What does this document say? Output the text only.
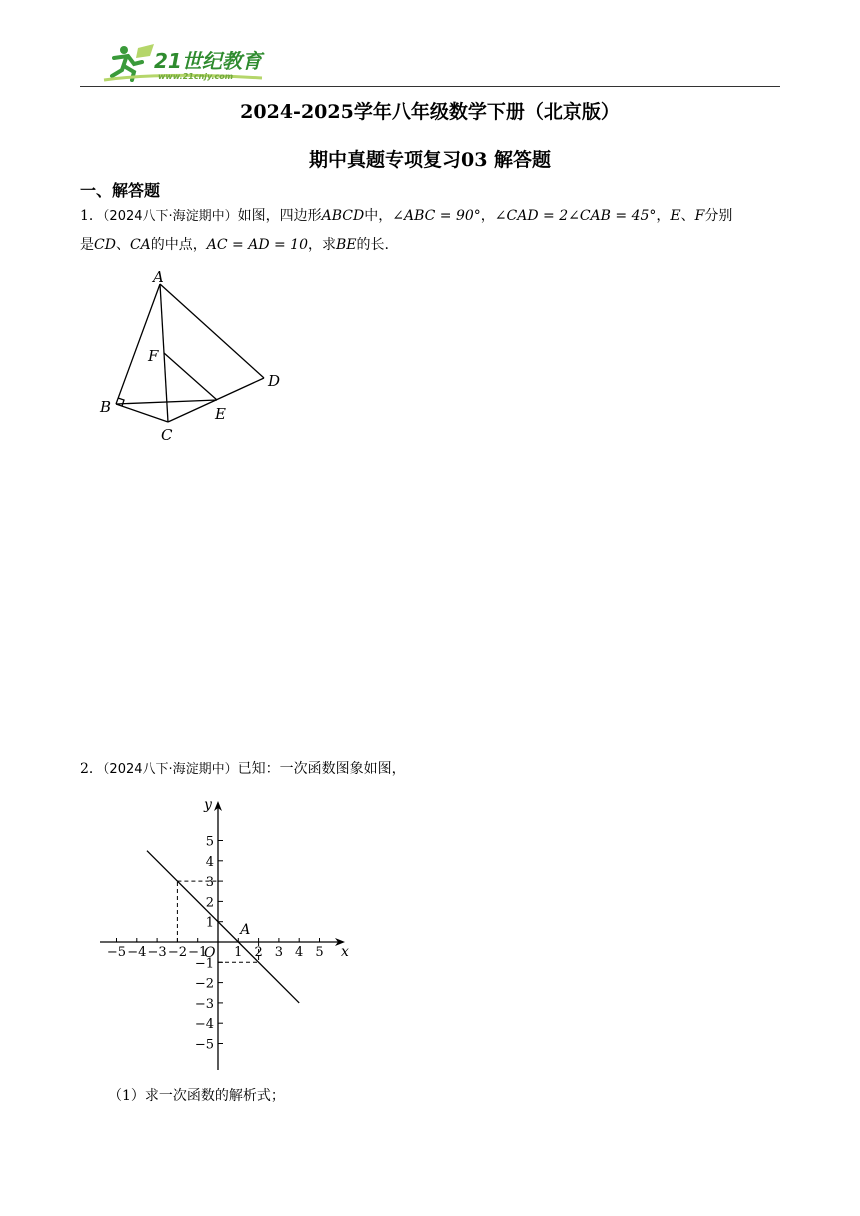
21世纪教育
www.21cnjy.com
2024-2025学年八年级数学下册（北京版）
期中真题专项复习03 解答题
一、解答题
1．（2024八下·海淀期中）如图，四边形ABCD中，∠ABC = 90°，∠CAD = 2∠CAB = 45°，E、F分别
是CD、CA的中点，AC = AD = 10，求BE的长.
A
B
C
D
E
F
2．（2024八下·海淀期中）已知：一次函数图象如图，
−5 −4 −3 −2 −1 1 2 3 4 5
5
4
3
2
1
−1
−2
−3
−4
−5
x
y
O
A
（1）求一次函数的解析式；
